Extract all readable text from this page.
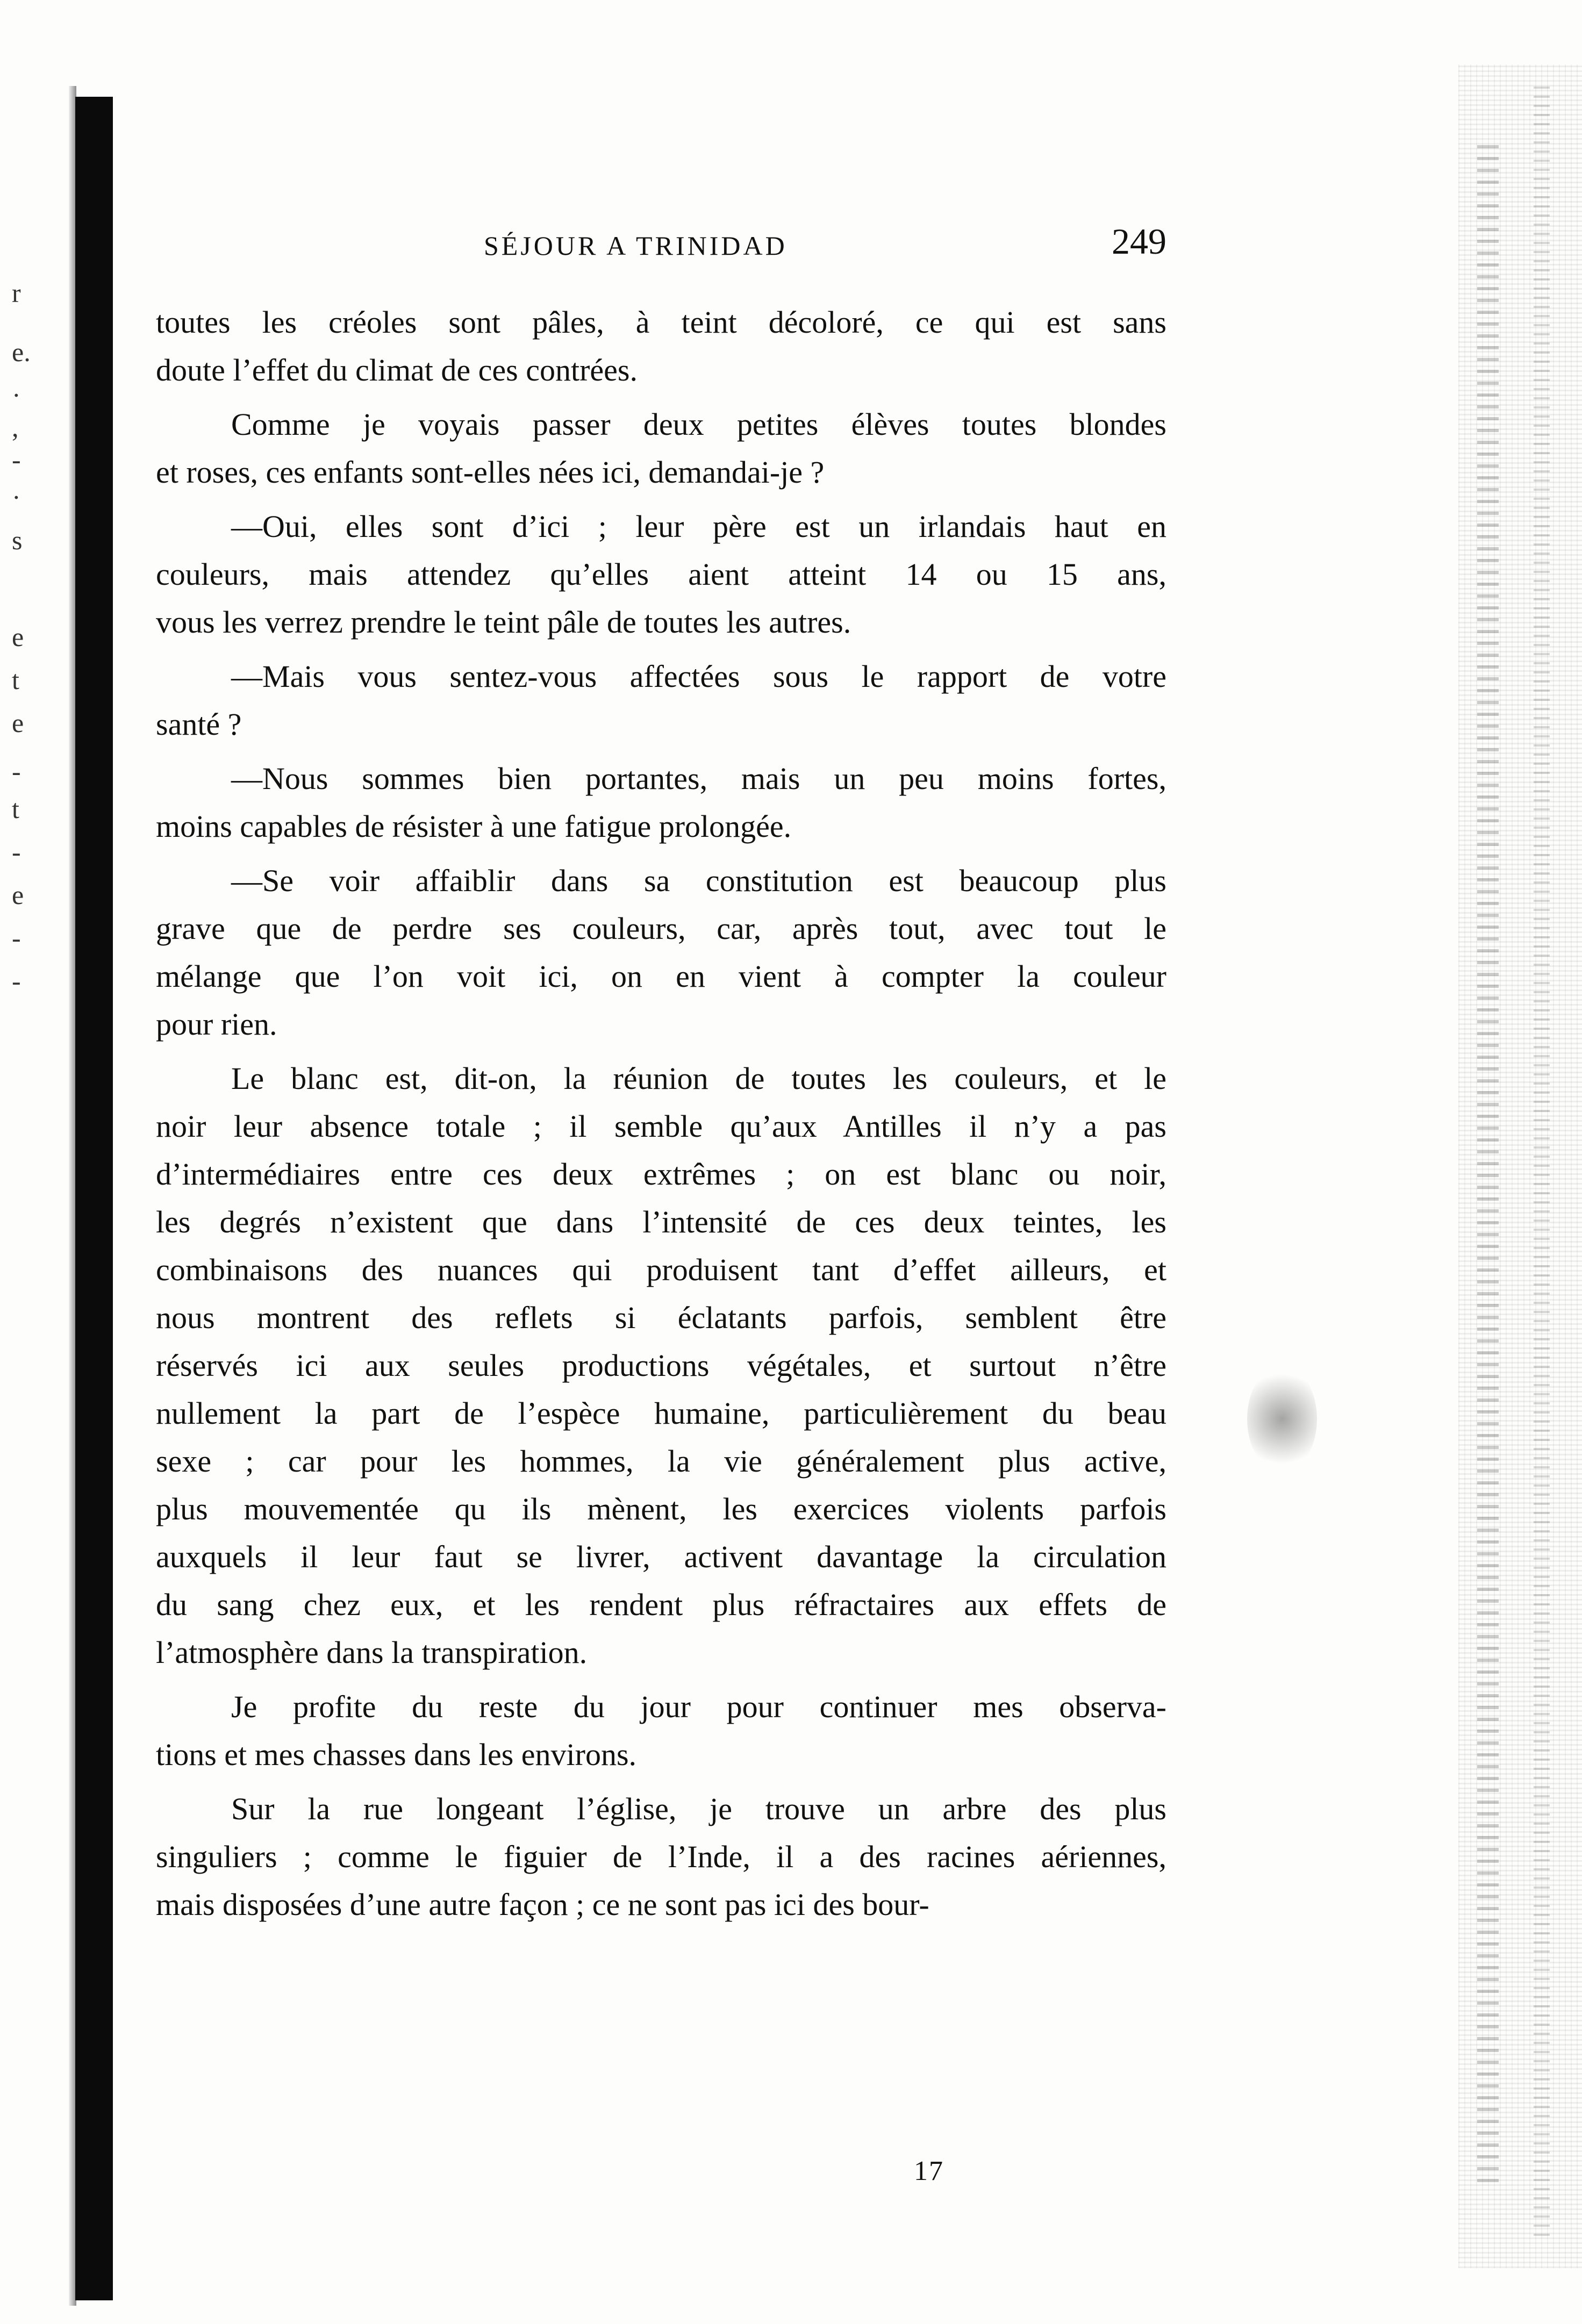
r
e.
·
,
-
·
s
e
t
e
-
t
-
e
-
-
SÉJOUR A TRINIDAD	249
toutes les créoles sont pâles, à teint décoloré, ce qui est sans
doute l’effet du climat de ces contrées.
Comme je voyais passer deux petites élèves toutes blondes
et roses, ces enfants sont-elles nées ici, demandai-je ?
—Oui, elles sont d’ici ; leur père est un irlandais haut en
couleurs, mais attendez qu’elles aient atteint 14 ou 15 ans,
vous les verrez prendre le teint pâle de toutes les autres.
—Mais vous sentez-vous affectées sous le rapport de votre
santé ?
—Nous sommes bien portantes, mais un peu moins fortes,
moins capables de résister à une fatigue prolongée.
—Se voir affaiblir dans sa constitution est beaucoup plus
grave que de perdre ses couleurs, car, après tout, avec tout le
mélange que l’on voit ici, on en vient à compter la couleur
pour rien.
Le blanc est, dit-on, la réunion de toutes les couleurs, et le
noir leur absence totale ; il semble qu’aux Antilles il n’y a pas
d’intermédiaires entre ces deux extrêmes ; on est blanc ou noir,
les degrés n’existent que dans l’intensité de ces deux teintes, les
combinaisons des nuances qui produisent tant d’effet ailleurs, et
nous montrent des reflets si éclatants parfois, semblent être
réservés ici aux seules productions végétales, et surtout n’être
nullement la part de l’espèce humaine, particulièrement du beau
sexe ; car pour les hommes, la vie généralement plus active,
plus mouvementée qu ils mènent, les exercices violents parfois
auxquels il leur faut se livrer, activent davantage la circulation
du sang chez eux, et les rendent plus réfractaires aux effets de
l’atmosphère dans la transpiration.
Je profite du reste du jour pour continuer mes observa-
tions et mes chasses dans les environs.
Sur la rue longeant l’église, je trouve un arbre des plus
singuliers ; comme le figuier de l’Inde, il a des racines aériennes,
mais disposées d’une autre façon ; ce ne sont pas ici des bour-
17
